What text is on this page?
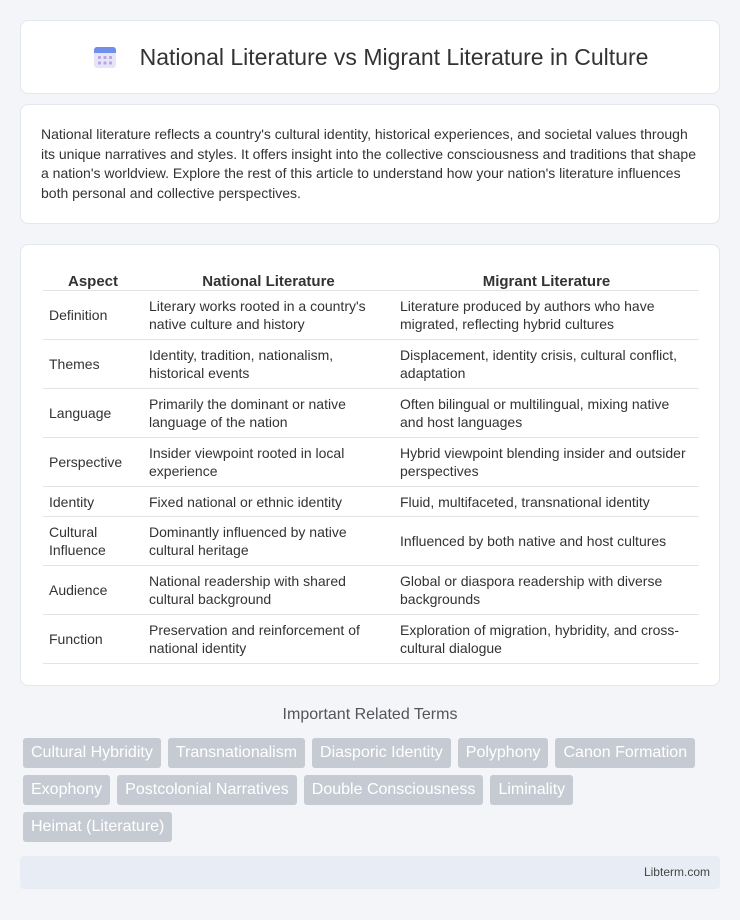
National Literature vs Migrant Literature in Culture

National literature reflects a country's cultural identity, historical experiences, and societal values through its unique narratives and styles. It offers insight into the collective consciousness and traditions that shape a nation's worldview. Explore the rest of this article to understand how your nation's literature influences both personal and collective perspectives.

Aspect	National Literature	Migrant Literature
Definition	Literary works rooted in a country's native culture and history	Literature produced by authors who have migrated, reflecting hybrid cultures
Themes	Identity, tradition, nationalism, historical events	Displacement, identity crisis, cultural conflict, adaptation
Language	Primarily the dominant or native language of the nation	Often bilingual or multilingual, mixing native and host languages
Perspective	Insider viewpoint rooted in local experience	Hybrid viewpoint blending insider and outsider perspectives
Identity	Fixed national or ethnic identity	Fluid, multifaceted, transnational identity
Cultural Influence	Dominantly influenced by native cultural heritage	Influenced by both native and host cultures
Audience	National readership with shared cultural background	Global or diaspora readership with diverse backgrounds
Function	Preservation and reinforcement of national identity	Exploration of migration, hybridity, and cross-cultural dialogue
Important Related Terms
Cultural Hybridity	Transnationalism	Diasporic Identity	Polyphony	Canon Formation
Exophony	Postcolonial Narratives	Double Consciousness	Liminality
Heimat (Literature)
Libterm.com
